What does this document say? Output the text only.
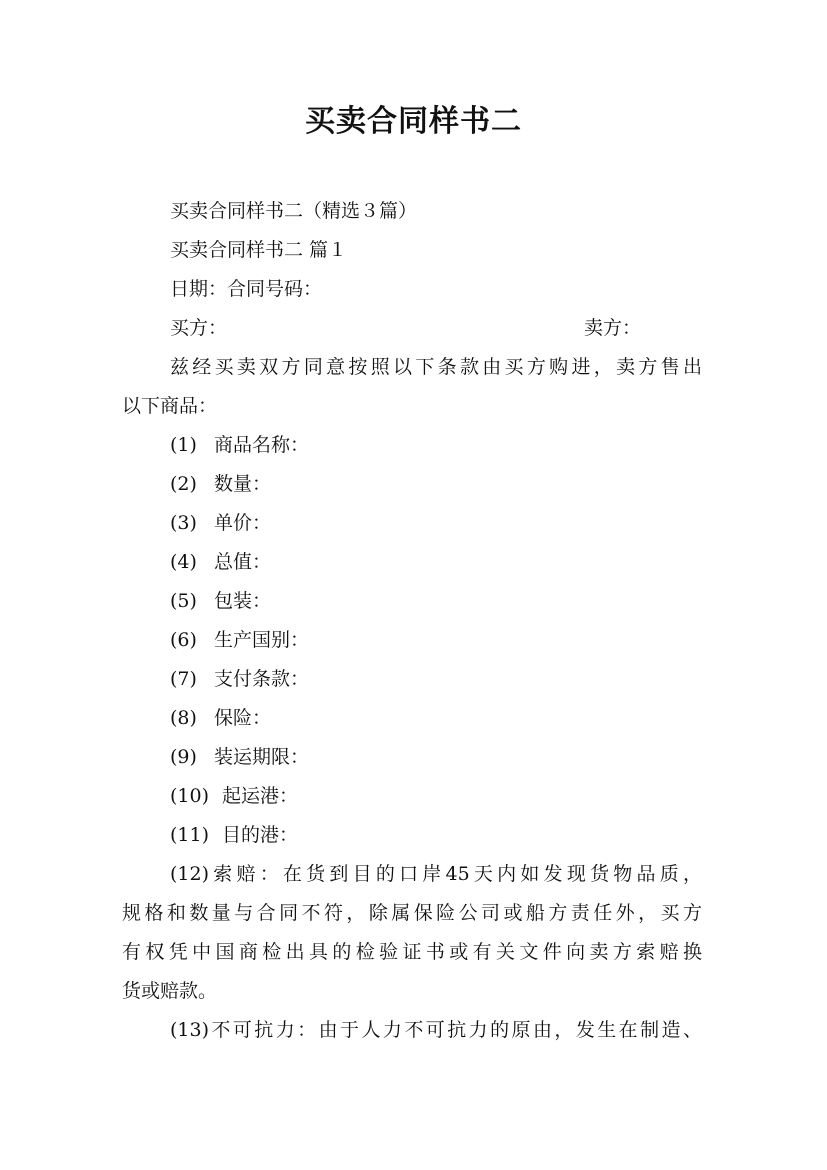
买卖合同样书二
买卖合同样书二（精选３篇）
买卖合同样书二 篇１
日期：合同号码：
买方：	卖方：
兹经买卖双方同意按照以下条款由买方购进，卖方售出
以下商品：
(1) 商品名称：
(2) 数量：
(3) 单价：
(4) 总值：
(5) 包装：
(6) 生产国别：
(7) 支付条款：
(8) 保险：
(9) 装运期限：
(10) 起运港：
(11) 目的港：
(12)索赔：在货到目的口岸45天内如发现货物品质，
规格和数量与合同不符，除属保险公司或船方责任外，买方
有权凭中国商检出具的检验证书或有关文件向卖方索赔换
货或赔款。
(13)不可抗力：由于人力不可抗力的原由，发生在制造、
